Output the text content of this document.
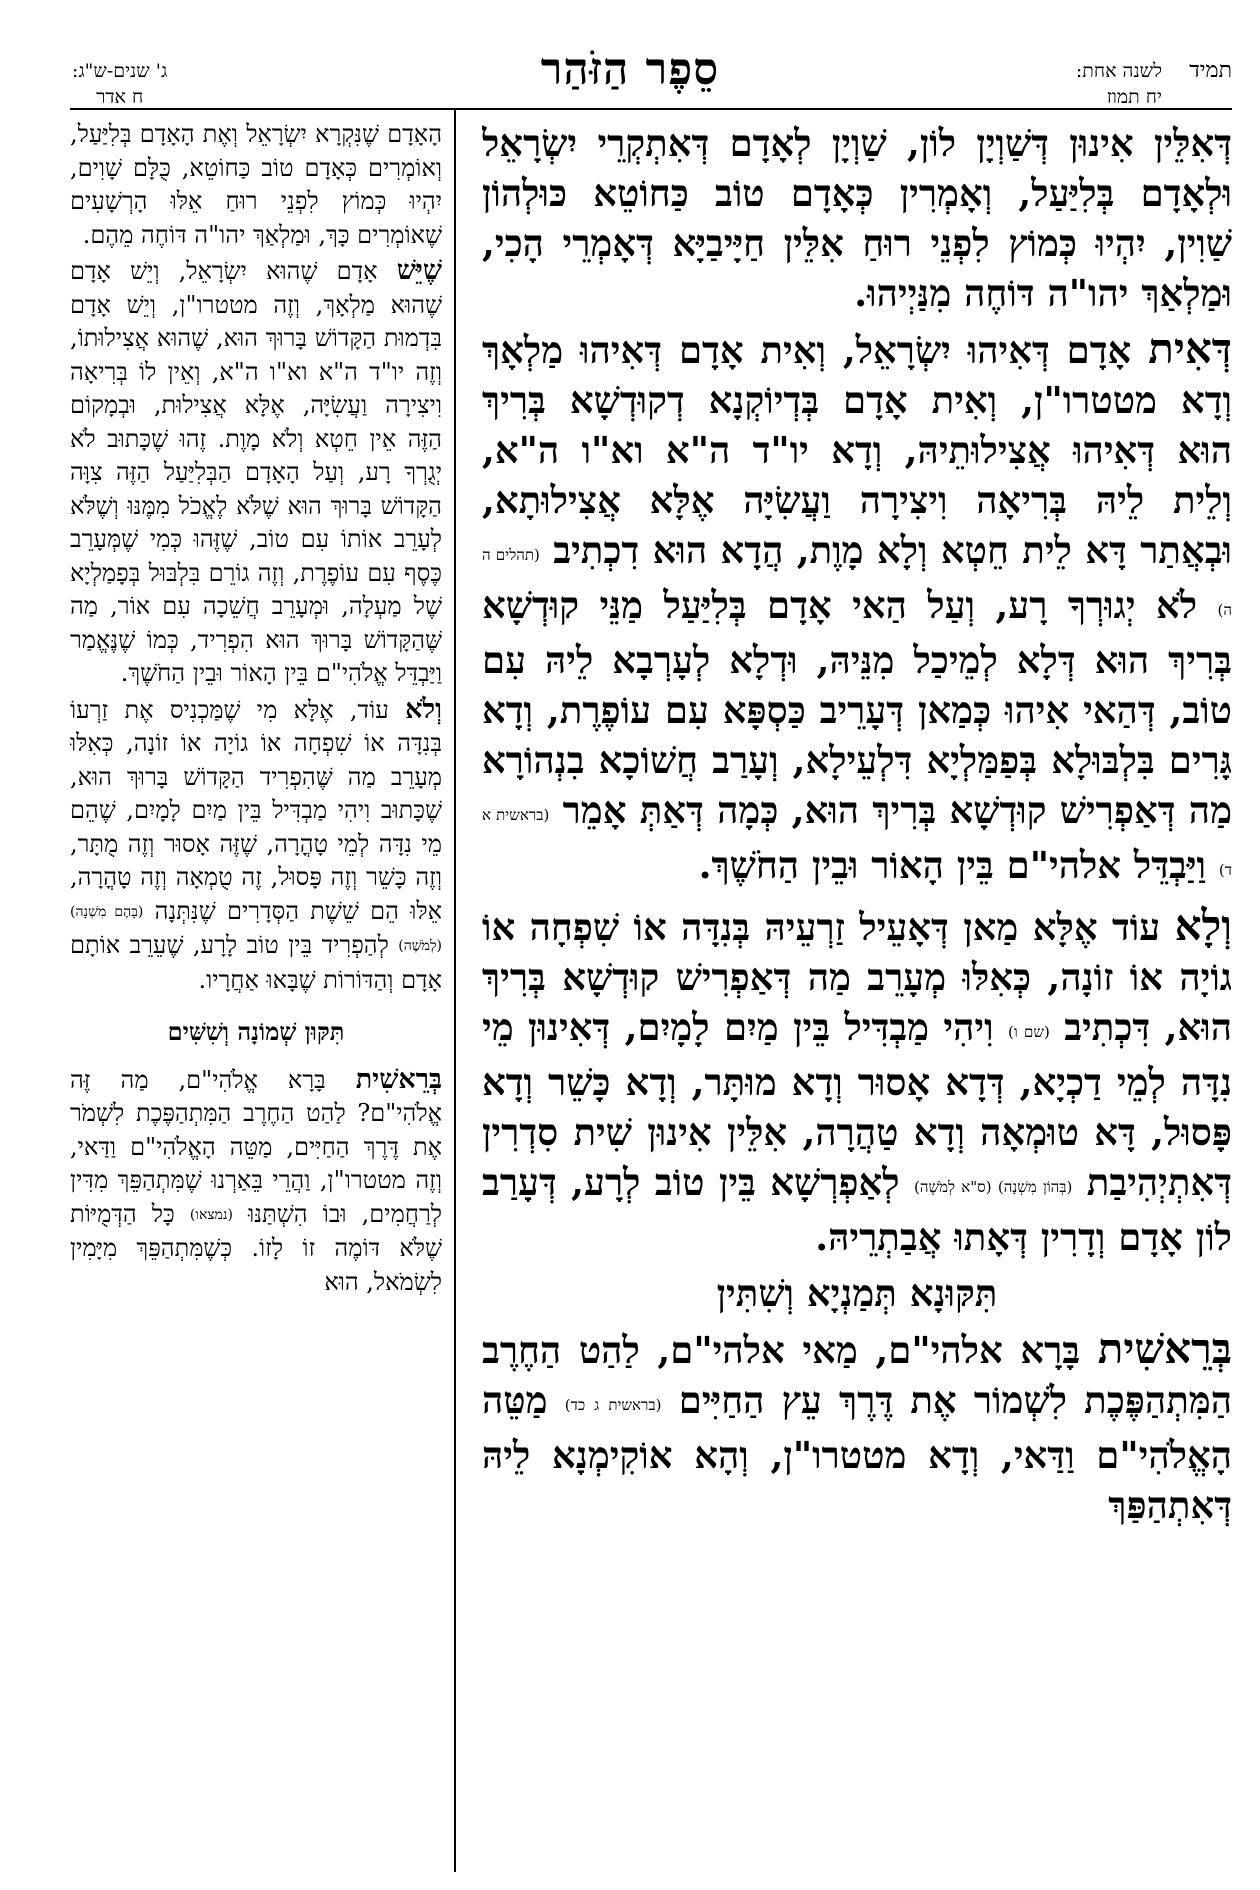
תמיד
לשנה אחת:
יח תמוז
סֵפֶר הַזֹּהַר
ג' שנים-ש"ג:
ח אדר

דְּאִלֵּין אִינוּן דְּשַׁוְיָן לוֹן, שַׁוְיָן לְאָדָם דְּאִתְקְרֵי יִשְׂרָאֵל וּלְאָדָם בְּלִיַּעַל, וְאָמְרִין כְּאָדָם טוֹב כַּחוֹטֵא כּוּלְהוֹן שַׁוִין, יִהְיוּ כְּמוֹץ לִפְנֵי רוּחַ אִלֵּין חַיָּיבַיָּא דְּאָמְרֵי הָכִי, וּמַלְאַךְ יהו"ה דּוֹחֶה מִנַּיְיהוּ.

דְּאִית אָדָם דְּאִיהוּ יִשְׂרָאֵל, וְאִית אָדָם דְּאִיהוּ מַלְאָךְ וְדָא מטטרו"ן, וְאִית אָדָם בְּדְיוֹקְנָא דְקוּדְשָׁא בְּרִיךְ הוּא דְּאִיהוּ אֲצִילוּתֵיהּ, וְדָא יו"ד ה"א וא"ו ה"א, וְלֵית לֵיהּ בְּרִיאָה וִיצִירָה וַעֲשִׂיָּה אֶלָּא אֲצִילוּתָא, וּבְאֲתַר דָּא לֵית חֵטְא וְלָא מָוֶת, הֲדָא הוּא דִכְתִיב (תהלים ה ה) לֹא יְגוּרְךָ רָע, וְעַל הַאי אָדָם בְּלִיַּעַל מַנֵּי קוּדְשָׁא בְּרִיךְ הוּא דְּלָא לְמֵיכַל מִנֵּיהּ, וּדְלָא לְעָרְבָא לֵיהּ עִם טוֹב, דְּהַאי אִיהוּ כְּמַאן דְּעָרֵיב כַּסְפָּא עִם עוֹפֶרֶת, וְדָא גָּרִים בִּלְבּוּלָא בְּפַמַּלְיָא דִּלְעֵילָא, וְעָרַב חֲשׁוֹכָא בִנְהוֹרָא מַה דְּאַפְרִישׁ קוּדְשָׁא בְּרִיךְ הוּא, כְּמָה דְּאַתְּ אָמֵר (בראשית א ד) וַיַּבְדֵּל אלהי"ם בֵּין הָאוֹר וּבֵין הַחֹשֶׁךְ.

וְלָא עוֹד אֶלָּא מַאן דְּאָעֵיל זַרְעֵיהּ בְּנִדָּה אוֹ שִׁפְחָה אוֹ גוֹיָה אוֹ זוֹנָה, כְּאִלּוּ מְעָרֵב מַה דְּאַפְרִישׁ קוּדְשָׁא בְּרִיךְ הוּא, דִּכְתִיב (שם ו) וִיהִי מַבְדִּיל בֵּין מַיִם לָמָיִם, דְּאִינוּן מֵי נִדָּה לְמֵי דַכְיָא, דְּדָא אָסוּר וְדָא מוּתָּר, וְדָא כָּשֵׁר וְדָא פָּסוּל, דָּא טוּמְאָה וְדָא טַהֲרָה, אִלֵּין אִינוּן שִׁית סִדְרִין דְּאִתְיְהִיבַת (בְּהוֹן מִשְׁנָה) (ס"א לְמֹשֶׁה) לְאַפְרְשָׁא בֵּין טוֹב לְרָע, דְּעָרַב לוֹן אָדָם וְדָרִין דְּאָתוּ אֲבַתְרֵיהּ.

תִּקּוּנָא תְּמַנְיָא וְשִׁתִּין

בְּרֵאשִׁית בָּרָא אלהי"ם, מַאי אלהי"ם, לַהַט הַחֶרֶב הַמִּתְהַפֶּכֶת לִשְׁמוֹר אֶת דֶּרֶךְ עֵץ הַחַיִּים (בראשית ג כד) מַטֵּה הָאֱלֹהִי"ם וַדַּאי, וְדָא מטטרו"ן, וְהָא אוֹקִימְנָא לֵיהּ דְּאִתְהַפַּךְ

הָאָדָם שֶׁנִּקְרָא יִשְׂרָאֵל וְאֶת הָאָדָם בְּלִיַּעַל, וְאוֹמְרִים כְּאָדָם טוֹב כַּחוֹטֵא, כֻּלָּם שָׁוִים, יִהְיוּ כְּמוֹץ לִפְנֵי רוּחַ אֵלּוּ הָרְשָׁעִים שֶׁאוֹמְרִים כָּךְ, וּמַלְאַךְ יהו"ה דּוֹחֶה מֵהֶם.

שֶׁיֵּשׁ אָדָם שֶׁהוּא יִשְׂרָאֵל, וְיֵשׁ אָדָם שֶׁהוּא מַלְאָךְ, וְזֶה מטטרו"ן, וְיֵשׁ אָדָם בִּדְמוּת הַקָּדוֹשׁ בָּרוּךְ הוּא, שֶׁהוּא אֲצִילוּתוֹ, וְזֶה יו"ד ה"א וא"ו ה"א, וְאֵין לוֹ בְּרִיאָה וִיצִירָה וַעֲשִׂיָּה, אֶלָּא אֲצִילוּת, וּבְמָקוֹם הַזֶּה אֵין חֵטְא וְלֹא מָוֶת. זֶהוּ שֶׁכָּתוּב לֹא יְגֻרְךָ רָע, וְעַל הָאָדָם הַבְּלִיַּעַל הַזֶּה צִוָּה הַקָּדוֹשׁ בָּרוּךְ הוּא שֶׁלֹּא לֶאֱכֹל מִמֶּנּוּ וְשֶׁלֹּא לְעָרֵב אוֹתוֹ עִם טוֹב, שֶׁזֶּהוּ כְּמִי שֶׁמְּעָרֵב כֶּסֶף עִם עוֹפֶרֶת, וְזֶה גוֹרֵם בִּלְבּוּל בְּפָמַלְיָא שֶׁל מַעְלָה, וּמְעָרֵב חֲשֵׁכָה עִם אוֹר, מַה שֶּׁהַקָּדוֹשׁ בָּרוּךְ הוּא הִפְרִיד, כְּמוֹ שֶׁנֶּאֱמַר וַיַּבְדֵּל אֱלֹהִי"ם בֵּין הָאוֹר וּבֵין הַחֹשֶׁךְ.

וְלֹא עוֹד, אֶלָּא מִי שֶׁמַּכְנִיס אֶת זַרְעוֹ בְּנִדָּה אוֹ שִׁפְחָה אוֹ גוֹיָה אוֹ זוֹנָה, כְּאִלּוּ מְעָרֵב מַה שֶּׁהִפְרִיד הַקָּדוֹשׁ בָּרוּךְ הוּא, שֶׁכָּתוּב וִיהִי מַבְדִּיל בֵּין מַיִם לָמָיִם, שֶׁהֵם מֵי נִדָּה לְמֵי טָהֳרָה, שֶׁזֶּה אָסוּר וְזֶה מֻתָּר, וְזֶה כָּשֵׁר וְזֶה פָּסוּל, זֶה טֻמְאָה וְזֶה טָהֳרָה, אֵלּוּ הֵם שֵׁשֶׁת הַסְּדָרִים שֶׁנִּתְּנָה (בָּהֶם מִשְׁנָה) (לְמֹשֶׁה) לְהַפְרִיד בֵּין טוֹב לָרָע, שֶׁעֵרֵב אוֹתָם אָדָם וְהַדּוֹרוֹת שֶׁבָּאוּ אַחֲרָיו.

תִּקּוּן שְׁמוֹנָה וְשִׁשִּׁים

בְּרֵאשִׁית בָּרָא אֱלֹהִי"ם, מַה זֶּה אֱלֹהִי"ם? לַהַט הַחֶרֶב הַמִּתְהַפֶּכֶת לִשְׁמֹר אֶת דֶּרֶךְ הַחַיִּים, מַטֵּה הָאֱלֹהִי"ם וַדַּאי, וְזֶה מטטרו"ן, וַהֲרֵי בֵּאַרְנוּ שֶׁמִּתְהַפֵּךְ מִדִּין לְרַחֲמִים, וּבוֹ הִשְׁתַּנּוּ (נמצאו) כָּל הַדְּמֻיּוֹת שֶׁלֹּא דּוֹמֶה זוֹ לָזוֹ. כְּשֶׁמִּתְהַפֵּךְ מִיָּמִין לִשְׂמֹאל, הוּא
